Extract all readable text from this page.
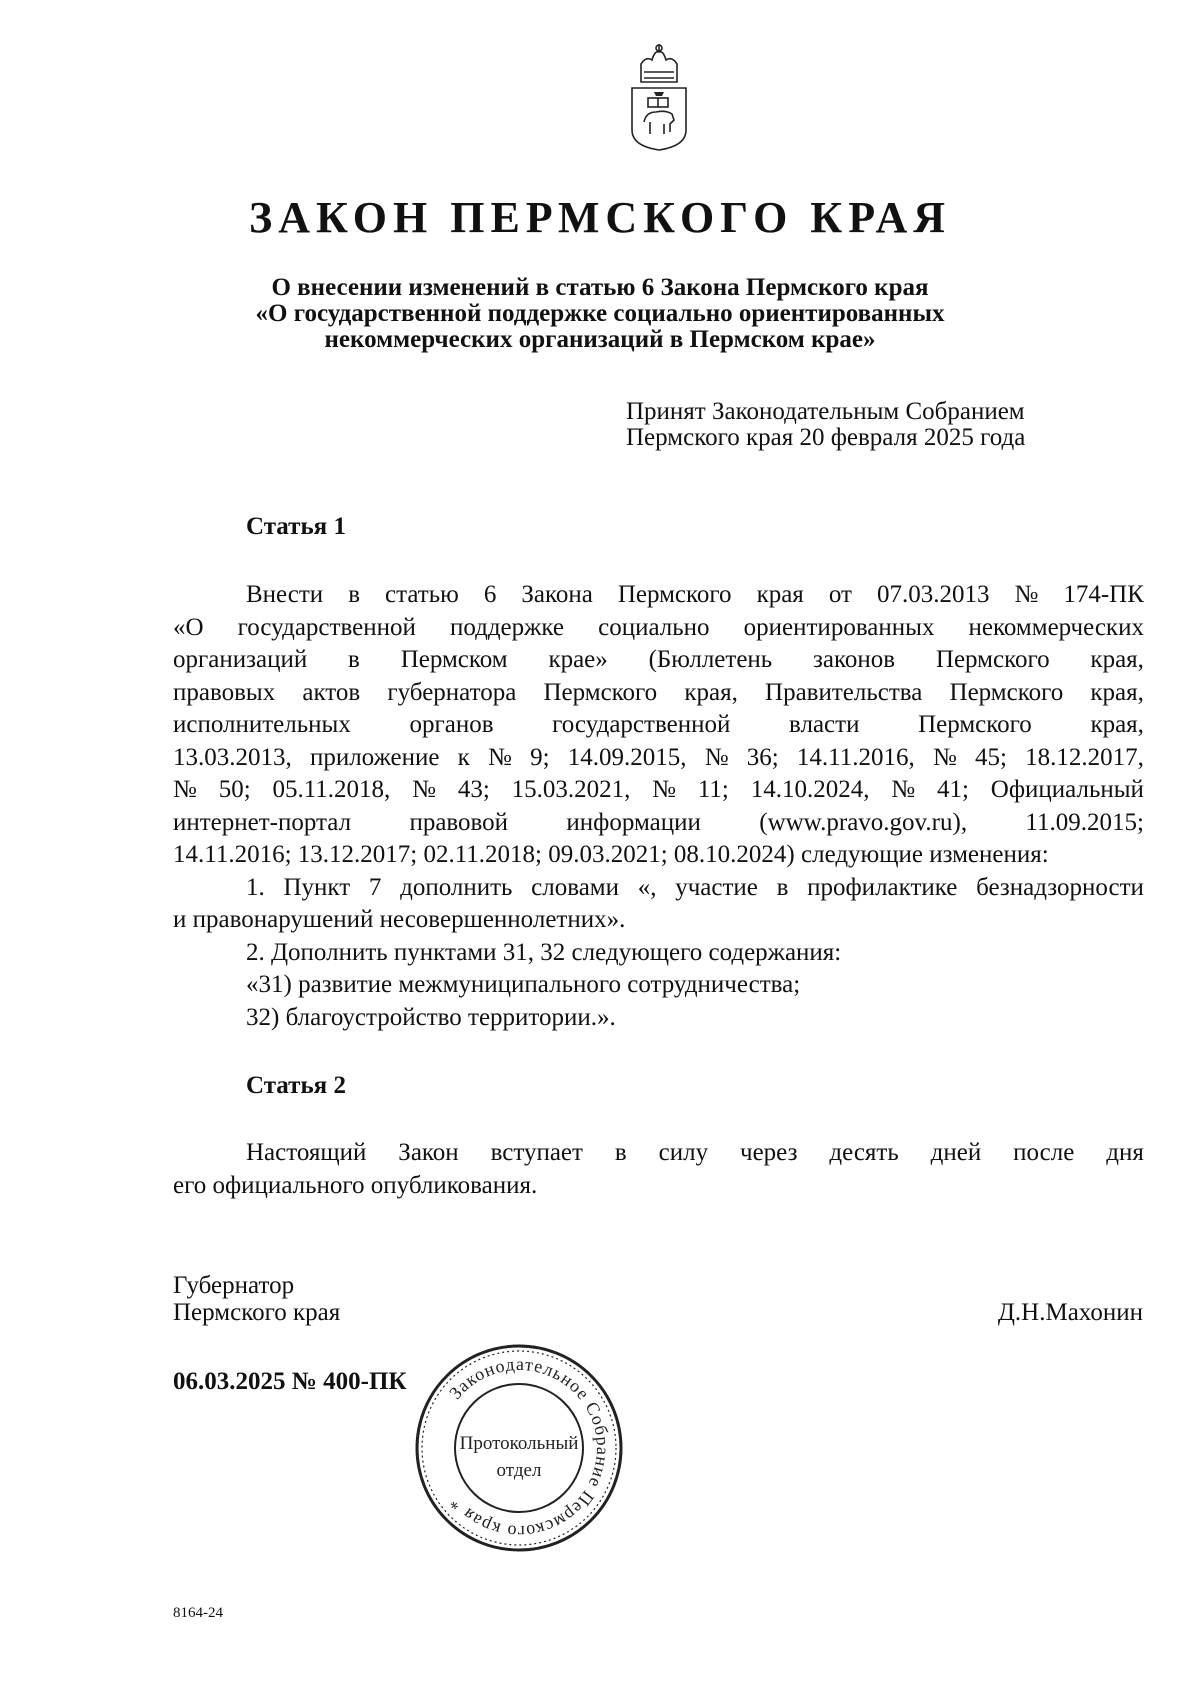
ЗАКОН ПЕРМСКОГО КРАЯ
О внесении изменений в статью 6 Закона Пермского края
«О государственной поддержке социально ориентированных
некоммерческих организаций в Пермском крае»
Принят Законодательным Собранием
Пермского края 20 февраля 2025 года
Статья 1
Внести в статью 6 Закона Пермского края от 07.03.2013 № 174-ПК
«О государственной поддержке социально ориентированных некоммерческих
организаций в Пермском крае» (Бюллетень законов Пермского края,
правовых актов губернатора Пермского края, Правительства Пермского края,
исполнительных органов государственной власти Пермского края,
13.03.2013, приложение к № 9; 14.09.2015, № 36; 14.11.2016, № 45; 18.12.2017,
№ 50; 05.11.2018, № 43; 15.03.2021, № 11; 14.10.2024, № 41; Официальный
интернет-портал правовой информации (www.pravo.gov.ru), 11.09.2015;
14.11.2016; 13.12.2017; 02.11.2018; 09.03.2021; 08.10.2024) следующие изменения:
1. Пункт 7 дополнить словами «, участие в профилактике безнадзорности
и правонарушений несовершеннолетних».
2. Дополнить пунктами 31, 32 следующего содержания:
«31) развитие межмуниципального сотрудничества;
32) благоустройство территории.».
Статья 2
Настоящий Закон вступает в силу через десять дней после дня
его официального опубликования.
Губернатор
Пермского края	Д.Н.Махонин
06.03.2025 № 400-ПК Законодательное Собрание Пермского края *
Протокольный
отдел
8164-24
